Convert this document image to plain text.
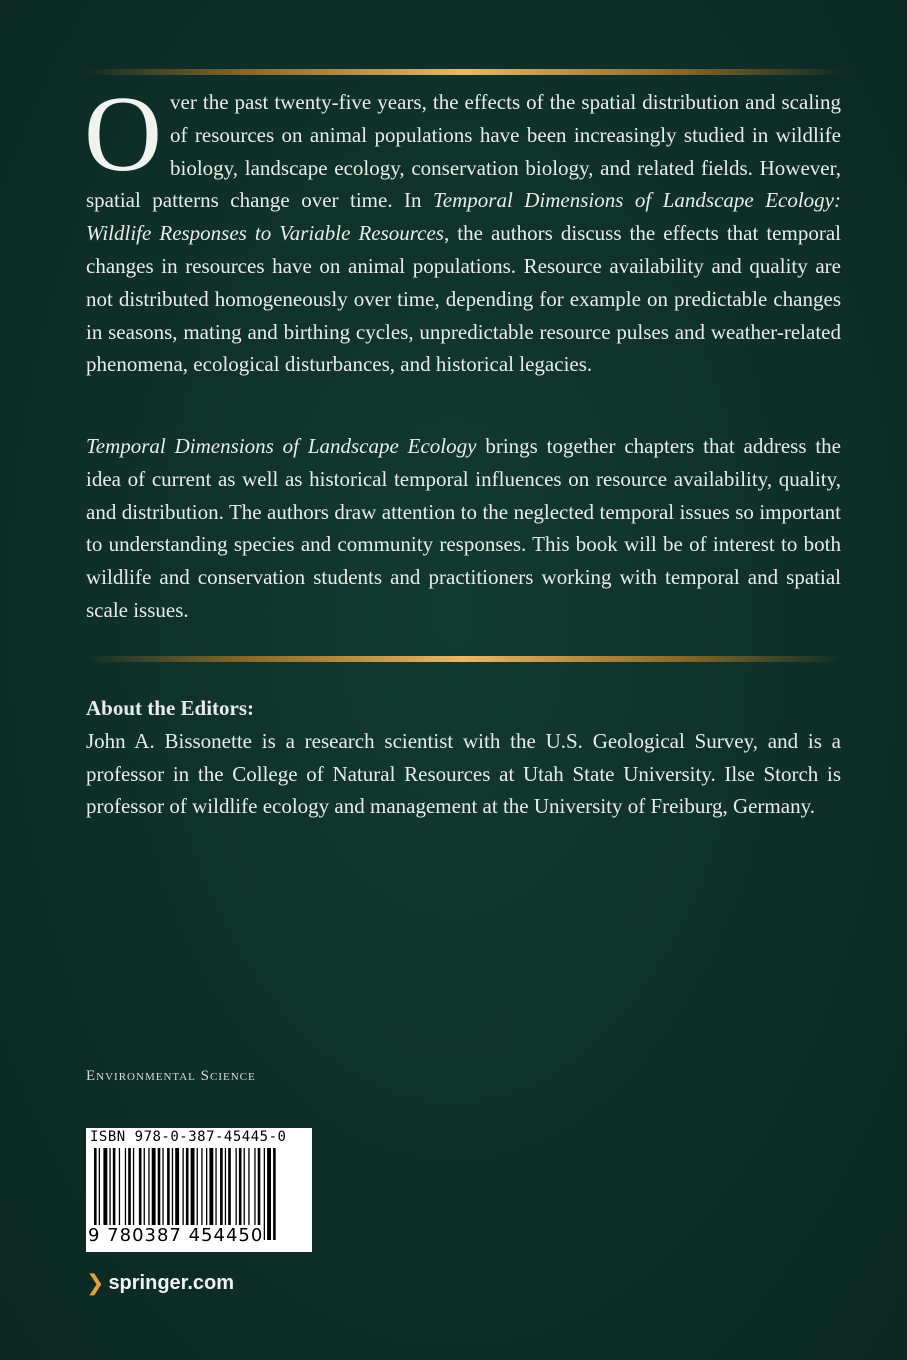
Over the past twenty-five years, the effects of the spatial distribution and scaling of resources on animal populations have been increasingly studied in wildlife biology, landscape ecology, conservation biology, and related fields. However, spatial patterns change over time. In Temporal Dimensions of Landscape Ecology: Wildlife Responses to Variable Resources, the authors discuss the effects that temporal changes in resources have on animal populations. Resource availability and quality are not distributed homogeneously over time, depending for example on predictable changes in seasons, mating and birthing cycles, unpredictable resource pulses and weather-related phenomena, ecological disturbances, and historical legacies.
Temporal Dimensions of Landscape Ecology brings together chapters that address the idea of current as well as historical temporal influences on resource availability, quality, and distribution. The authors draw attention to the neglected temporal issues so important to understanding species and community responses. This book will be of interest to both wildlife and conservation students and practitioners working with temporal and spatial scale issues.
About the Editors:
John A. Bissonette is a research scientist with the U.S. Geological Survey, and is a professor in the College of Natural Resources at Utah State University. Ilse Storch is professor of wildlife ecology and management at the University of Freiburg, Germany.
Environmental Science
ISBN 978-0-387-45445-0
9 780387 454450
❯ springer.com
